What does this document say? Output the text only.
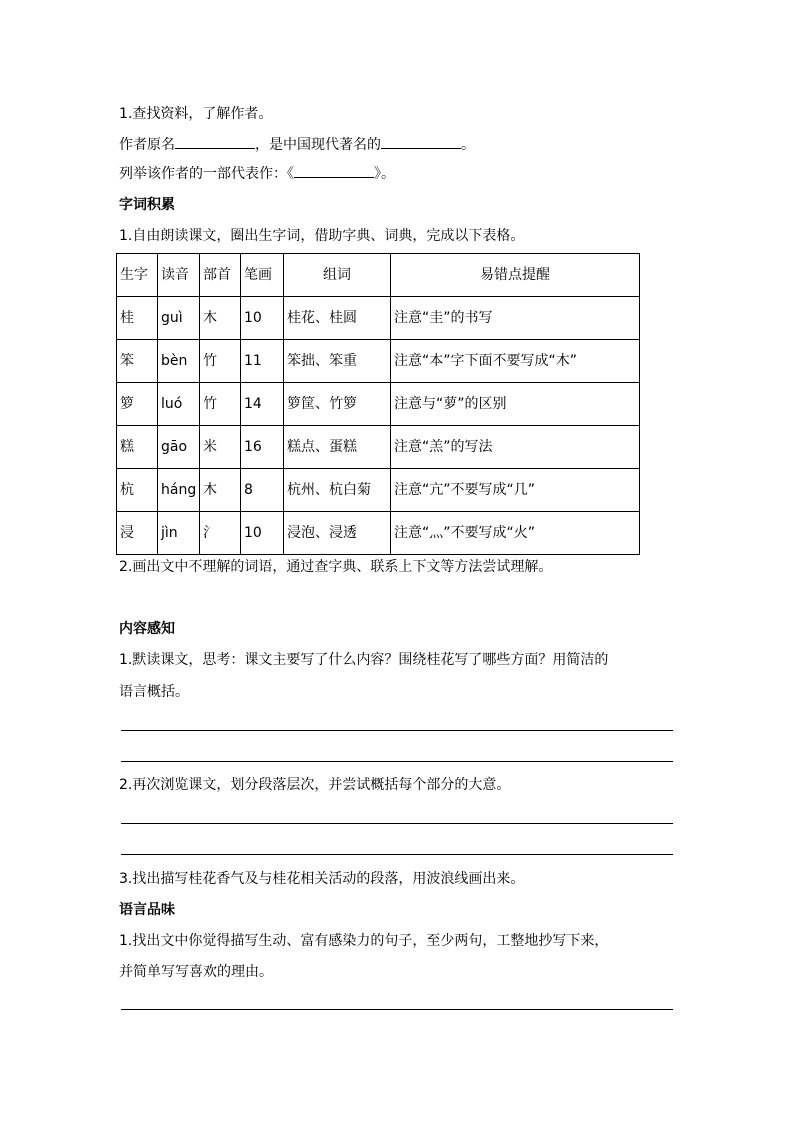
1.查找资料，了解作者。
作者原名	，是中国现代著名的	。
列举该作者的一部代表作：《	》。
字词积累
1.自由朗读课文，圈出生字词，借助字典、词典，完成以下表格。
生字	读音	部首	笔画	组词	易错点提醒
桂	guì	木	10	桂花、桂圆	注意“圭”的书写
笨	bèn	竹	11	笨拙、笨重	注意“本”字下面不要写成“木”
箩	luó	竹	14	箩筐、竹箩	注意与“萝”的区别
糕	gāo	米	16	糕点、蛋糕	注意“羔”的写法
杭	háng	木	8	杭州、杭白菊	注意“亢”不要写成“几”
浸	jìn	氵	10	浸泡、浸透	注意“灬”不要写成“火”
2.画出文中不理解的词语，通过查字典、联系上下文等方法尝试理解。
内容感知
1.默读课文，思考：课文主要写了什么内容？围绕桂花写了哪些方面？用简洁的
语言概括。
2.再次浏览课文，划分段落层次，并尝试概括每个部分的大意。
3.找出描写桂花香气及与桂花相关活动的段落，用波浪线画出来。
语言品味
1.找出文中你觉得描写生动、富有感染力的句子，至少两句，工整地抄写下来，
并简单写写喜欢的理由。
